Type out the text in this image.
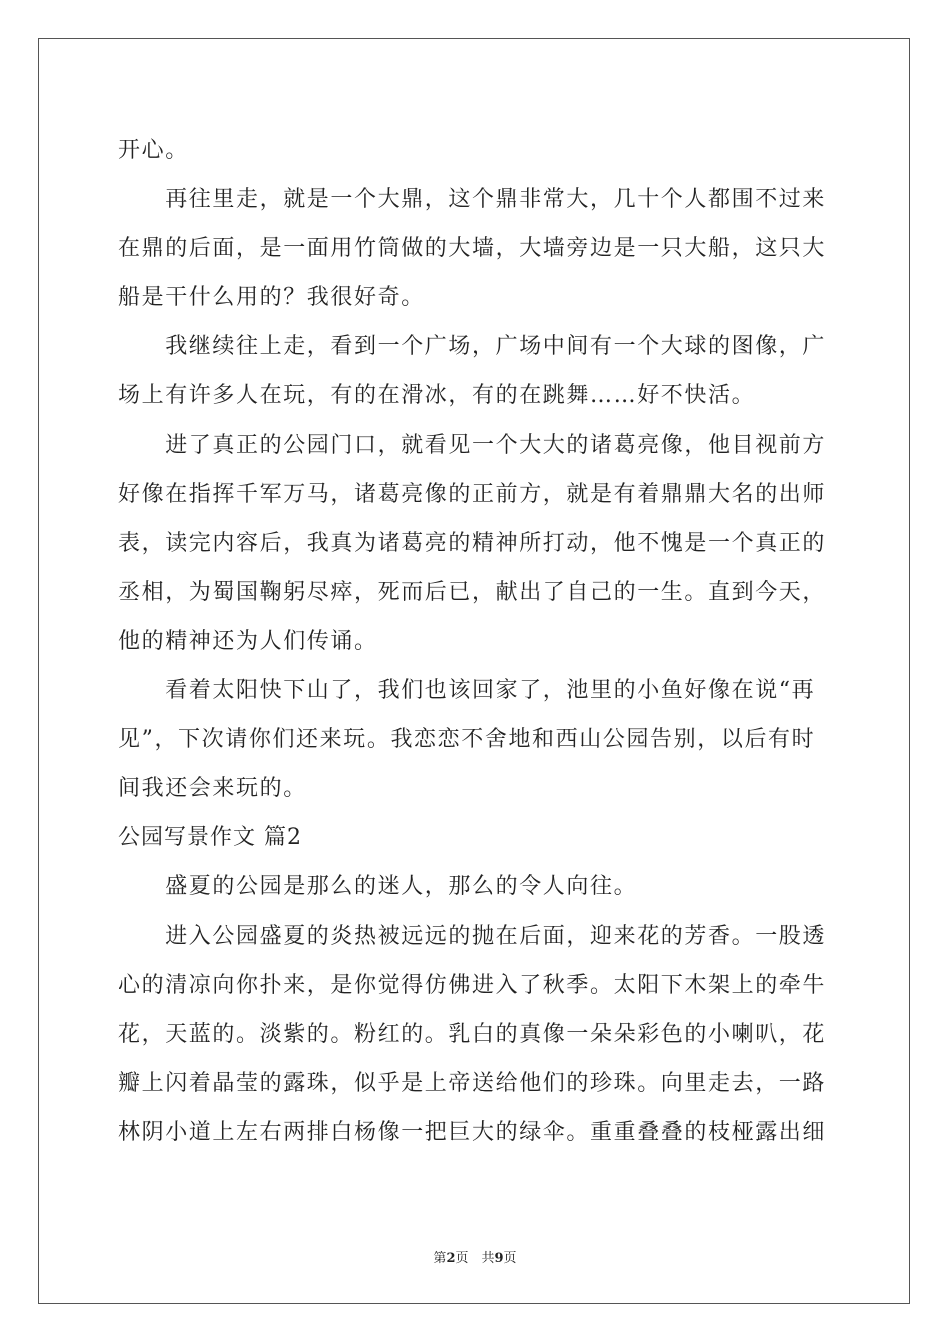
开心。
　　再往里走，就是一个大鼎，这个鼎非常大，几十个人都围不过来
在鼎的后面，是一面用竹筒做的大墙，大墙旁边是一只大船，这只大
船是干什么用的？我很好奇。
　　我继续往上走，看到一个广场，广场中间有一个大球的图像，广
场上有许多人在玩，有的在滑冰，有的在跳舞……好不快活。
　　进了真正的公园门口，就看见一个大大的诸葛亮像，他目视前方
好像在指挥千军万马，诸葛亮像的正前方，就是有着鼎鼎大名的出师
表，读完内容后，我真为诸葛亮的精神所打动，他不愧是一个真正的
丞相，为蜀国鞠躬尽瘁，死而后已，献出了自己的一生。直到今天，
他的精神还为人们传诵。
　　看着太阳快下山了，我们也该回家了，池里的小鱼好像在说“再
见”，下次请你们还来玩。我恋恋不舍地和西山公园告别，以后有时
间我还会来玩的。
公园写景作文 篇2
　　盛夏的公园是那么的迷人，那么的令人向往。
　　进入公园盛夏的炎热被远远的抛在后面，迎来花的芳香。一股透
心的清凉向你扑来，是你觉得仿佛进入了秋季。太阳下木架上的牵牛
花，天蓝的。淡紫的。粉红的。乳白的真像一朵朵彩色的小喇叭，花
瓣上闪着晶莹的露珠，似乎是上帝送给他们的珍珠。向里走去，一路
林阴小道上左右两排白杨像一把巨大的绿伞。重重叠叠的枝桠露出细
第2页　共9页
